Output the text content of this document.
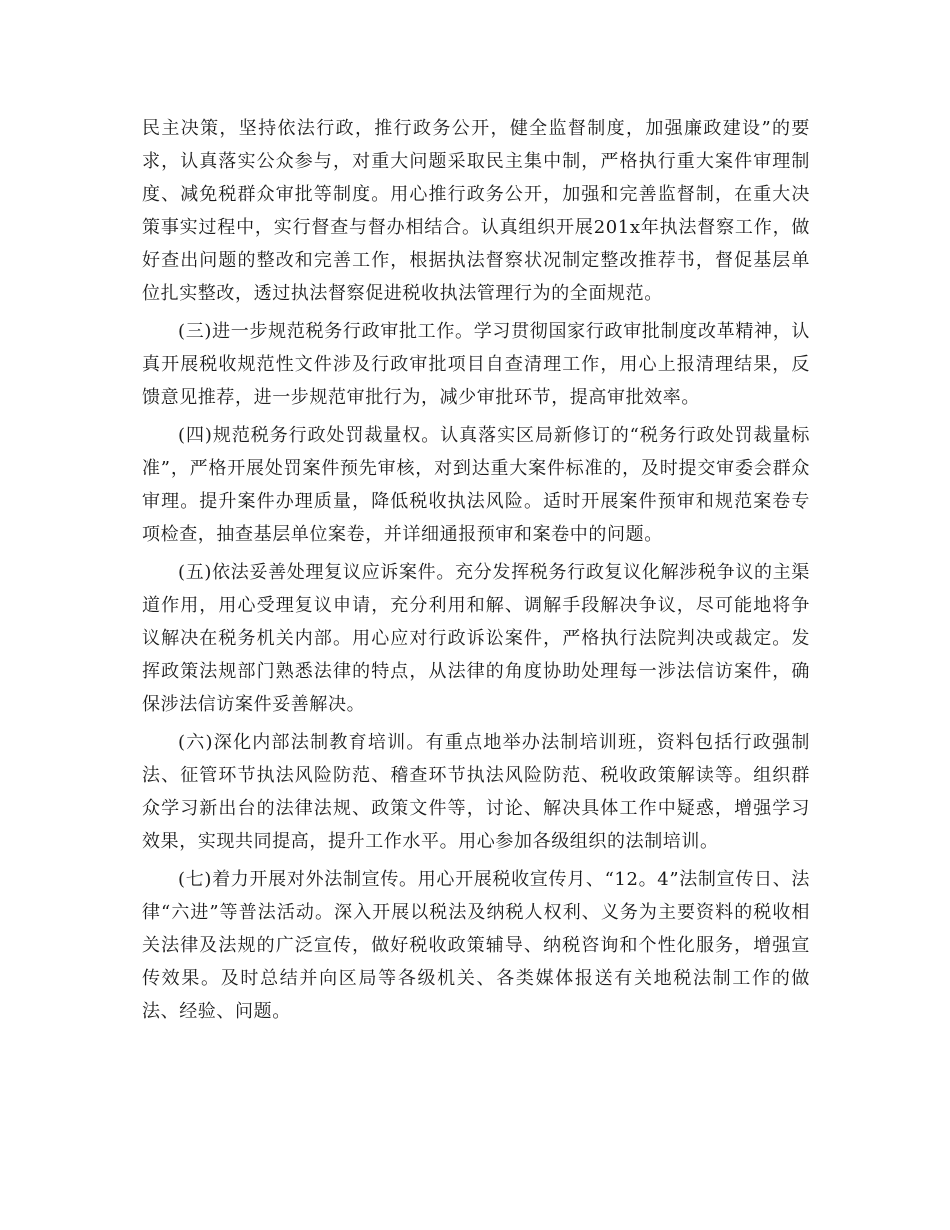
民主决策，坚持依法行政，推行政务公开，健全监督制度，加强廉政建设”的要求，认真落实公众参与，对重大问题采取民主集中制，严格执行重大案件审理制度、减免税群众审批等制度。用心推行政务公开，加强和完善监督制，在重大决策事实过程中，实行督查与督办相结合。认真组织开展201x年执法督察工作，做好查出问题的整改和完善工作，根据执法督察状况制定整改推荐书，督促基层单位扎实整改，透过执法督察促进税收执法管理行为的全面规范。

(三)进一步规范税务行政审批工作。学习贯彻国家行政审批制度改革精神，认真开展税收规范性文件涉及行政审批项目自查清理工作，用心上报清理结果，反馈意见推荐，进一步规范审批行为，减少审批环节，提高审批效率。

(四)规范税务行政处罚裁量权。认真落实区局新修订的“税务行政处罚裁量标准”，严格开展处罚案件预先审核，对到达重大案件标准的，及时提交审委会群众审理。提升案件办理质量，降低税收执法风险。适时开展案件预审和规范案卷专项检查，抽查基层单位案卷，并详细通报预审和案卷中的问题。

(五)依法妥善处理复议应诉案件。充分发挥税务行政复议化解涉税争议的主渠道作用，用心受理复议申请，充分利用和解、调解手段解决争议，尽可能地将争议解决在税务机关内部。用心应对行政诉讼案件，严格执行法院判决或裁定。发挥政策法规部门熟悉法律的特点，从法律的角度协助处理每一涉法信访案件，确保涉法信访案件妥善解决。

(六)深化内部法制教育培训。有重点地举办法制培训班，资料包括行政强制法、征管环节执法风险防范、稽查环节执法风险防范、税收政策解读等。组织群众学习新出台的法律法规、政策文件等，讨论、解决具体工作中疑惑，增强学习效果，实现共同提高，提升工作水平。用心参加各级组织的法制培训。

(七)着力开展对外法制宣传。用心开展税收宣传月、“12。4”法制宣传日、法律“六进”等普法活动。深入开展以税法及纳税人权利、义务为主要资料的税收相关法律及法规的广泛宣传，做好税收政策辅导、纳税咨询和个性化服务，增强宣传效果。及时总结并向区局等各级机关、各类媒体报送有关地税法制工作的做法、经验、问题。
